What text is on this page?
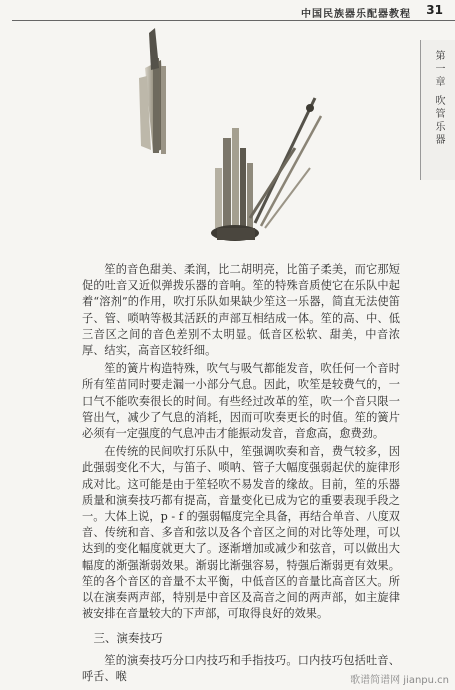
中国民族器乐配器教程 31
第一章 吹管乐器

笙的音色甜美、柔润，比二胡明亮，比笛子柔美，而它那短促的吐音又近似弹拨乐器的音响。笙的特殊音质使它在乐队中起着“溶剂”的作用，吹打乐队如果缺少笙这一乐器，简直无法使笛子、管、唢呐等极其活跃的声部互相结成一体。笙的高、中、低三音区之间的音色差别不太明显。低音区松软、甜美，中音浓厚、结实，高音区较纤细。

笙的簧片构造特殊，吹气与吸气都能发音，吹任何一个音时所有笙苗同时要走漏一小部分气息。因此，吹笙是较费气的，一口气不能吹奏很长的时间。有些经过改革的笙，吹一个音只限一管出气，减少了气息的消耗，因而可吹奏更长的时值。笙的簧片必须有一定强度的气息冲击才能振动发音，音愈高，愈费劲。

在传统的民间吹打乐队中，笙强调吹奏和音，费气较多，因此强弱变化不大，与笛子、唢呐、管子大幅度强弱起伏的旋律形成对比。这可能是由于笙轻吹不易发音的缘故。目前，笙的乐器质量和演奏技巧都有提高，音量变化已成为它的重要表现手段之一。大体上说，p - f 的强弱幅度完全具备，再结合单音、八度双音、传统和音、多音和弦以及各个音区之间的对比等处理，可以达到的变化幅度就更大了。逐渐增加或减少和弦音，可以做出大幅度的渐强渐弱效果。渐弱比渐强容易，特强后渐弱更有效果。笙的各个音区的音量不太平衡，中低音区的音量比高音区大。所以在演奏两声部，特别是中音区及高音之间的两声部，如主旋律被安排在音量较大的下声部，可取得良好的效果。

三、演奏技巧

笙的演奏技巧分口内技巧和手指技巧。口内技巧包括吐音、呼舌、喉	歌谱简谱网 jianpu.cn
